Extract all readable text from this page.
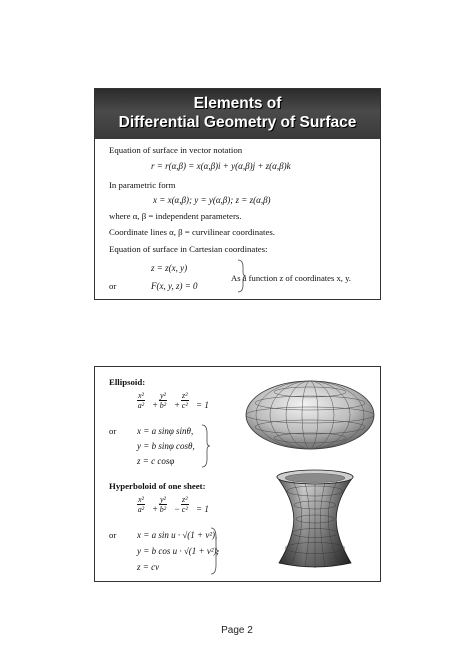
Elements of
Differential Geometry of Surface
Equation of surface in vector notation
r = r(α,β) = x(α,β)i + y(α,β)j + z(α,β)k
In parametric form
x = x(α,β); y = y(α,β); z = z(α,β)
where α, β = independent parameters.
Coordinate lines α, β = curvilinear coordinates.
Equation of surface in Cartesian coordinates:
z = z(x, y)
or	F(x, y, z) = 0
As a function z of coordinates x, y.
Ellipsoid:
$\frac{\text{x²}}{\text{a²}} + \frac{\text{y²}}{\text{b²}} + \frac{\text{z²}}{\text{c²}} = 1$
or x = a sinφ sinθ,
y = b sinφ cosθ,
z = c cosφ
Hyperboloid of one sheet:
$\frac{\text{x²}}{\text{a²}} + \frac{\text{y²}}{\text{b²}} - \frac{\text{z²}}{\text{c²}} = 1$
or x = a sin u · √(1 + v²),
y = b cos u · √(1 + v²),
z = cv
Page 2
